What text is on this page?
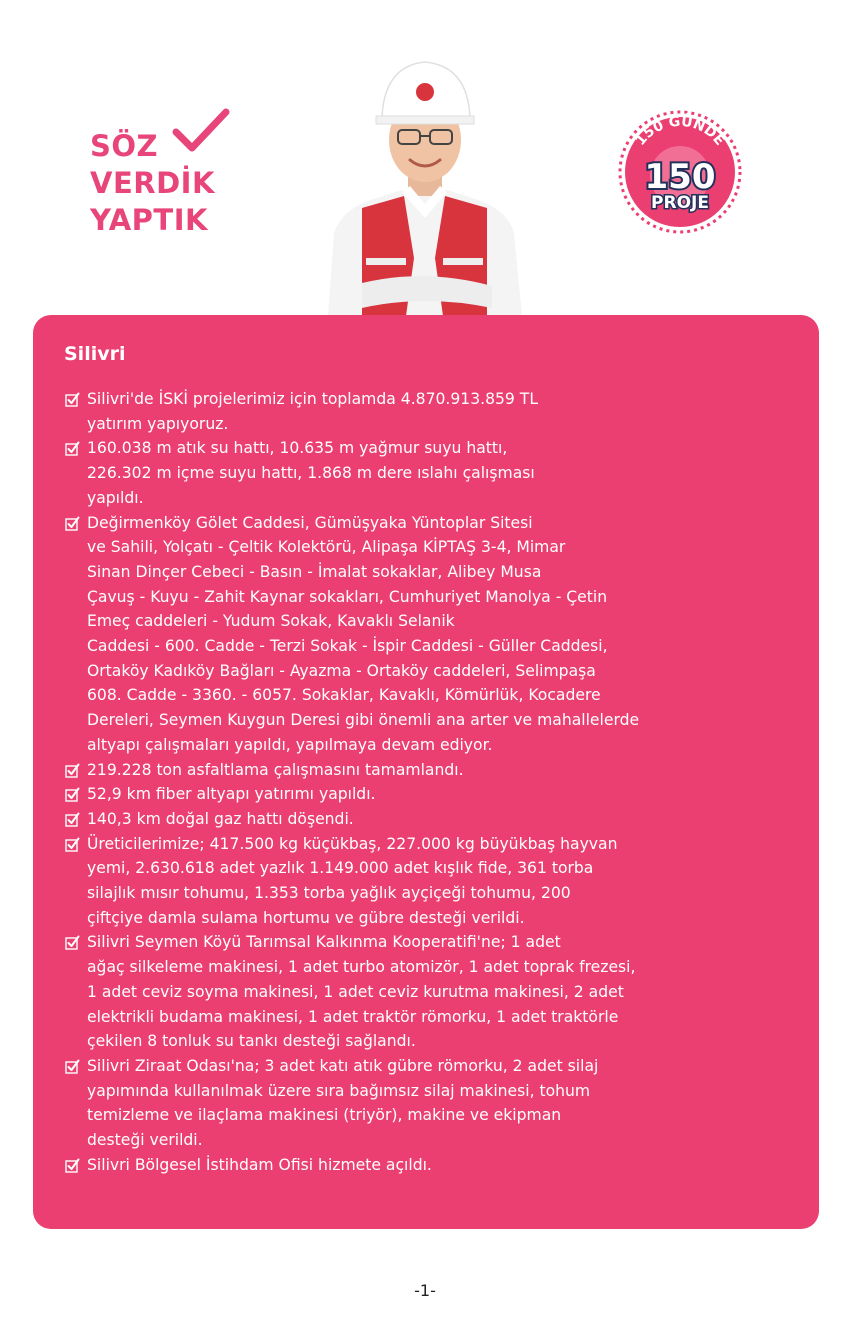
SÖZ
VERDİK
YAPTIK
150 GÜNDE
150
PROJE
Silivri
Silivri'de İSKİ projelerimiz için toplamda 4.870.913.859 TL
yatırım yapıyoruz.
160.038 m atık su hattı, 10.635 m yağmur suyu hattı,
226.302 m içme suyu hattı, 1.868 m dere ıslahı çalışması
yapıldı.
Değirmenköy Gölet Caddesi, Gümüşyaka Yüntoplar Sitesi
ve Sahili, Yolçatı - Çeltik Kolektörü, Alipaşa KİPTAŞ 3-4, Mimar
Sinan Dinçer Cebeci - Basın - İmalat sokaklar, Alibey Musa
Çavuş - Kuyu - Zahit Kaynar sokakları, Cumhuriyet Manolya - Çetin
Emeç caddeleri - Yudum Sokak, Kavaklı Selanik
Caddesi - 600. Cadde - Terzi Sokak - İspir Caddesi - Güller Caddesi,
Ortaköy Kadıköy Bağları - Ayazma - Ortaköy caddeleri, Selimpaşa
608. Cadde - 3360. - 6057. Sokaklar, Kavaklı, Kömürlük, Kocadere
Dereleri, Seymen Kuygun Deresi gibi önemli ana arter ve mahallelerde
altyapı çalışmaları yapıldı, yapılmaya devam ediyor.
219.228 ton asfaltlama çalışmasını tamamlandı.
52,9 km fiber altyapı yatırımı yapıldı.
140,3 km doğal gaz hattı döşendi.
Üreticilerimize; 417.500 kg küçükbaş, 227.000 kg büyükbaş hayvan
yemi, 2.630.618 adet yazlık 1.149.000 adet kışlık fide, 361 torba
silajlık mısır tohumu, 1.353 torba yağlık ayçiçeği tohumu, 200
çiftçiye damla sulama hortumu ve gübre desteği verildi.
Silivri Seymen Köyü Tarımsal Kalkınma Kooperatifi'ne; 1 adet
ağaç silkeleme makinesi, 1 adet turbo atomizör, 1 adet toprak frezesi,
1 adet ceviz soyma makinesi, 1 adet ceviz kurutma makinesi, 2 adet
elektrikli budama makinesi, 1 adet traktör römorku, 1 adet traktörle
çekilen 8 tonluk su tankı desteği sağlandı.
Silivri Ziraat Odası'na; 3 adet katı atık gübre römorku, 2 adet silaj
yapımında kullanılmak üzere sıra bağımsız silaj makinesi, tohum
temizleme ve ilaçlama makinesi (triyör), makine ve ekipman
desteği verildi.
Silivri Bölgesel İstihdam Ofisi hizmete açıldı.
-1-
